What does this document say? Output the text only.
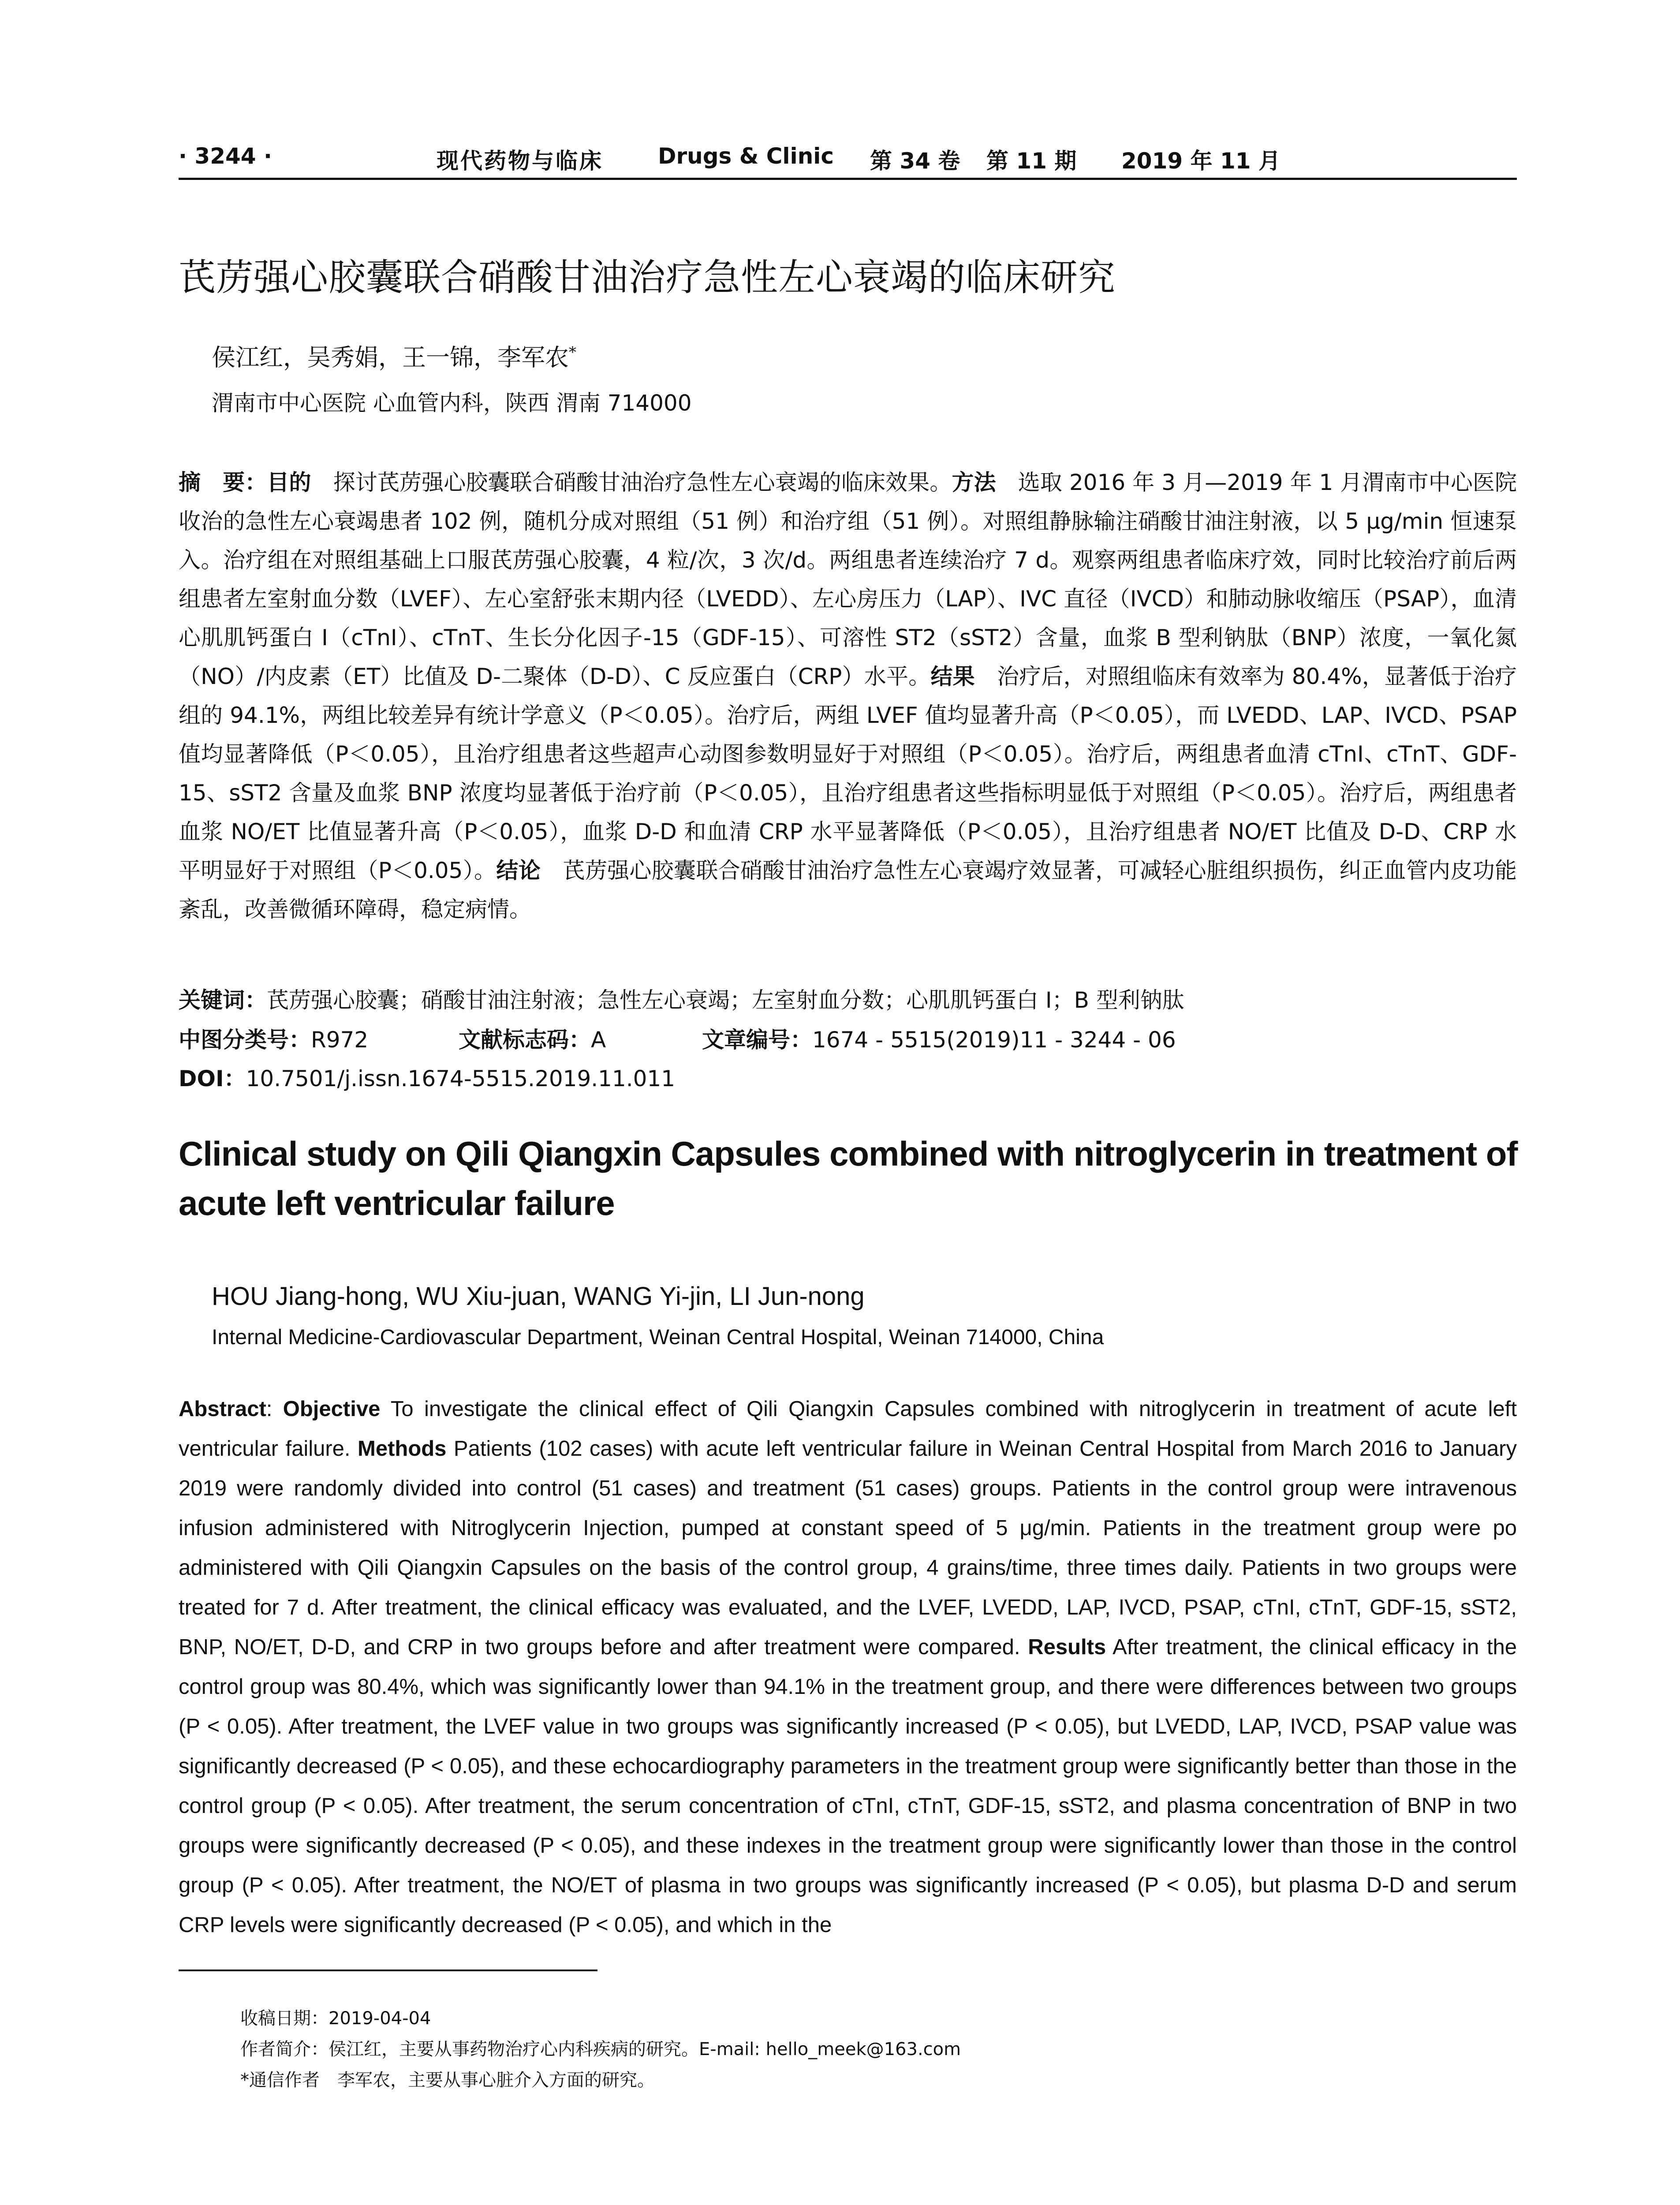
· 3244 ·	现代药物与临床 Drugs & Clinic 第 34 卷 第 11 期 2019 年 11 月
芪苈强心胶囊联合硝酸甘油治疗急性左心衰竭的临床研究
侯江红，吴秀娟，王一锦，李军农*
渭南市中心医院 心血管内科，陕西 渭南 714000
摘　要：目的　探讨芪苈强心胶囊联合硝酸甘油治疗急性左心衰竭的临床效果。方法　选取 2016 年 3 月—2019 年 1 月渭南市中心医院收治的急性左心衰竭患者 102 例，随机分成对照组（51 例）和治疗组（51 例）。对照组静脉输注硝酸甘油注射液，以 5 μg/min 恒速泵入。治疗组在对照组基础上口服芪苈强心胶囊，4 粒/次，3 次/d。两组患者连续治疗 7 d。观察两组患者临床疗效，同时比较治疗前后两组患者左室射血分数（LVEF）、左心室舒张末期内径（LVEDD）、左心房压力（LAP）、IVC 直径（IVCD）和肺动脉收缩压（PSAP），血清心肌肌钙蛋白 I（cTnI）、cTnT、生长分化因子-15（GDF-15）、可溶性 ST2（sST2）含量，血浆 B 型利钠肽（BNP）浓度，一氧化氮（NO）/内皮素（ET）比值及 D-二聚体（D-D）、C 反应蛋白（CRP）水平。结果　治疗后，对照组临床有效率为 80.4%，显著低于治疗组的 94.1%，两组比较差异有统计学意义（P＜0.05）。治疗后，两组 LVEF 值均显著升高（P＜0.05），而 LVEDD、LAP、IVCD、PSAP 值均显著降低（P＜0.05），且治疗组患者这些超声心动图参数明显好于对照组（P＜0.05）。治疗后，两组患者血清 cTnI、cTnT、GDF-15、sST2 含量及血浆 BNP 浓度均显著低于治疗前（P＜0.05），且治疗组患者这些指标明显低于对照组（P＜0.05）。治疗后，两组患者血浆 NO/ET 比值显著升高（P＜0.05），血浆 D-D 和血清 CRP 水平显著降低（P＜0.05），且治疗组患者 NO/ET 比值及 D-D、CRP 水平明显好于对照组（P＜0.05）。结论　芪苈强心胶囊联合硝酸甘油治疗急性左心衰竭疗效显著，可减轻心脏组织损伤，纠正血管内皮功能紊乱，改善微循环障碍，稳定病情。
关键词：芪苈强心胶囊；硝酸甘油注射液；急性左心衰竭；左室射血分数；心肌肌钙蛋白 I；B 型利钠肽
中图分类号：R972	文献标志码：A	文章编号：1674 - 5515(2019)11 - 3244 - 06
DOI：10.7501/j.issn.1674-5515.2019.11.011
Clinical study on Qili Qiangxin Capsules combined with nitroglycerin in treatment of acute left ventricular failure
HOU Jiang-hong, WU Xiu-juan, WANG Yi-jin, LI Jun-nong
Internal Medicine-Cardiovascular Department, Weinan Central Hospital, Weinan 714000, China
Abstract: Objective To investigate the clinical effect of Qili Qiangxin Capsules combined with nitroglycerin in treatment of acute left ventricular failure. Methods Patients (102 cases) with acute left ventricular failure in Weinan Central Hospital from March 2016 to January 2019 were randomly divided into control (51 cases) and treatment (51 cases) groups. Patients in the control group were intravenous infusion administered with Nitroglycerin Injection, pumped at constant speed of 5 μg/min. Patients in the treatment group were po administered with Qili Qiangxin Capsules on the basis of the control group, 4 grains/time, three times daily. Patients in two groups were treated for 7 d. After treatment, the clinical efficacy was evaluated, and the LVEF, LVEDD, LAP, IVCD, PSAP, cTnI, cTnT, GDF-15, sST2, BNP, NO/ET, D-D, and CRP in two groups before and after treatment were compared. Results After treatment, the clinical efficacy in the control group was 80.4%, which was significantly lower than 94.1% in the treatment group, and there were differences between two groups (P < 0.05). After treatment, the LVEF value in two groups was significantly increased (P < 0.05), but LVEDD, LAP, IVCD, PSAP value was significantly decreased (P < 0.05), and these echocardiography parameters in the treatment group were significantly better than those in the control group (P < 0.05). After treatment, the serum concentration of cTnI, cTnT, GDF-15, sST2, and plasma concentration of BNP in two groups were significantly decreased (P < 0.05), and these indexes in the treatment group were significantly lower than those in the control group (P < 0.05). After treatment, the NO/ET of plasma in two groups was significantly increased (P < 0.05), but plasma D-D and serum CRP levels were significantly decreased (P < 0.05), and which in the
收稿日期：2019-04-04
作者简介：侯江红，主要从事药物治疗心内科疾病的研究。E-mail: hello_meek@163.com
*通信作者　李军农，主要从事心脏介入方面的研究。
